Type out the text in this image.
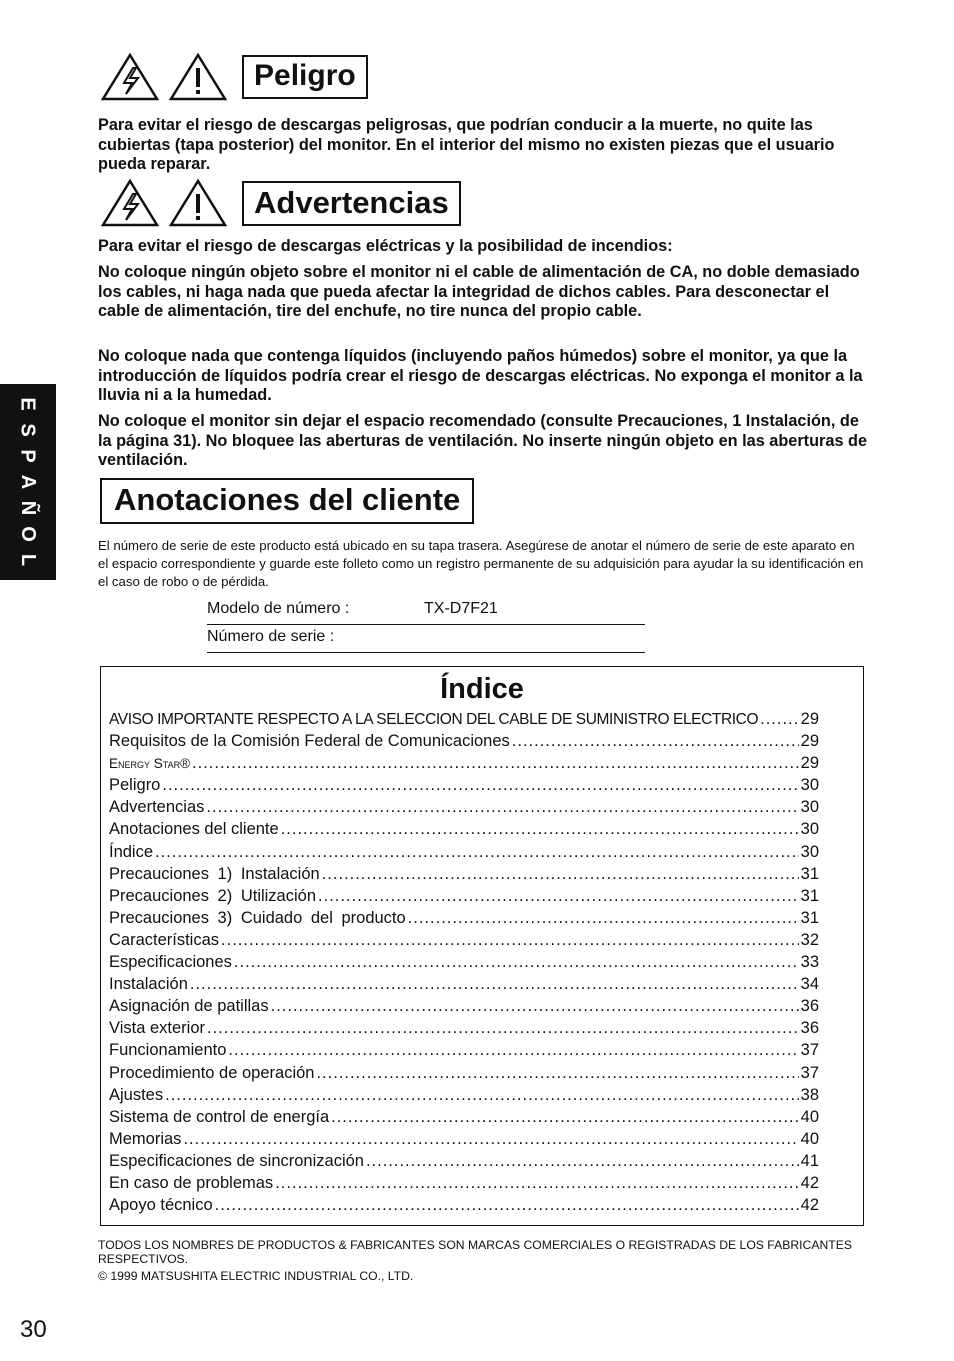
E
S
P
A
Ñ
O
L
Peligro
Para evitar el riesgo de descargas peligrosas, que podrían conducir a la muerte, no quite las cubiertas (tapa posterior) del monitor. En el interior del mismo no existen piezas que el usuario pueda reparar.
Advertencias
Para evitar el riesgo de descargas eléctricas y la posibilidad de incendios:
No coloque ningún objeto sobre el monitor ni el cable de alimentación de CA, no doble demasiado los cables, ni haga nada que pueda afectar la integridad de dichos cables. Para desconectar el cable de alimentación, tire del enchufe, no tire nunca del propio cable.
No coloque nada que contenga líquidos (incluyendo paños húmedos) sobre el monitor, ya que la introducción de líquidos podría crear el riesgo de descargas eléctricas. No exponga el monitor a la lluvia ni a la humedad.
No coloque el monitor sin dejar el espacio recomendado (consulte Precauciones, 1 Instalación, de la página 31). No bloquee las aberturas de ventilación. No inserte ningún objeto en las aberturas de ventilación.
Anotaciones del cliente
El número de serie de este producto está ubicado en su tapa trasera. Asegúrese de anotar el número de serie de este aparato en el espacio correspondiente y guarde este folleto como un registro permanente de su adquisición para ayudar la su identificación en el caso de robo o de pérdida.
Modelo de número :	TX-D7F21
Número de serie :
Índice
AVISO IMPORTANTE RESPECTO A LA SELECCION DEL CABLE DE SUMINISTRO ELECTRICO .....	29
Requisitos de la Comisión Federal de Comunicaciones .....	29
Energy Star® .....	29
Peligro .....	30
Advertencias .....	30
Anotaciones del cliente .....	30
Índice .....	30
Precauciones 1) Instalación .....	31
Precauciones 2) Utilización .....	31
Precauciones 3) Cuidado del producto .....	31
Características .....	32
Especificaciones .....	33
Instalación .....	34
Asignación de patillas .....	36
Vista exterior .....	36
Funcionamiento .....	37
Procedimiento de operación .....	37
Ajustes .....	38
Sistema de control de energía .....	40
Memorias .....	40
Especificaciones de sincronización .....	41
En caso de problemas .....	42
Apoyo técnico .....	42
TODOS LOS NOMBRES DE PRODUCTOS & FABRICANTES SON MARCAS COMERCIALES O REGISTRADAS DE LOS FABRICANTES RESPECTIVOS.
© 1999 MATSUSHITA ELECTRIC INDUSTRIAL CO., LTD.
30
